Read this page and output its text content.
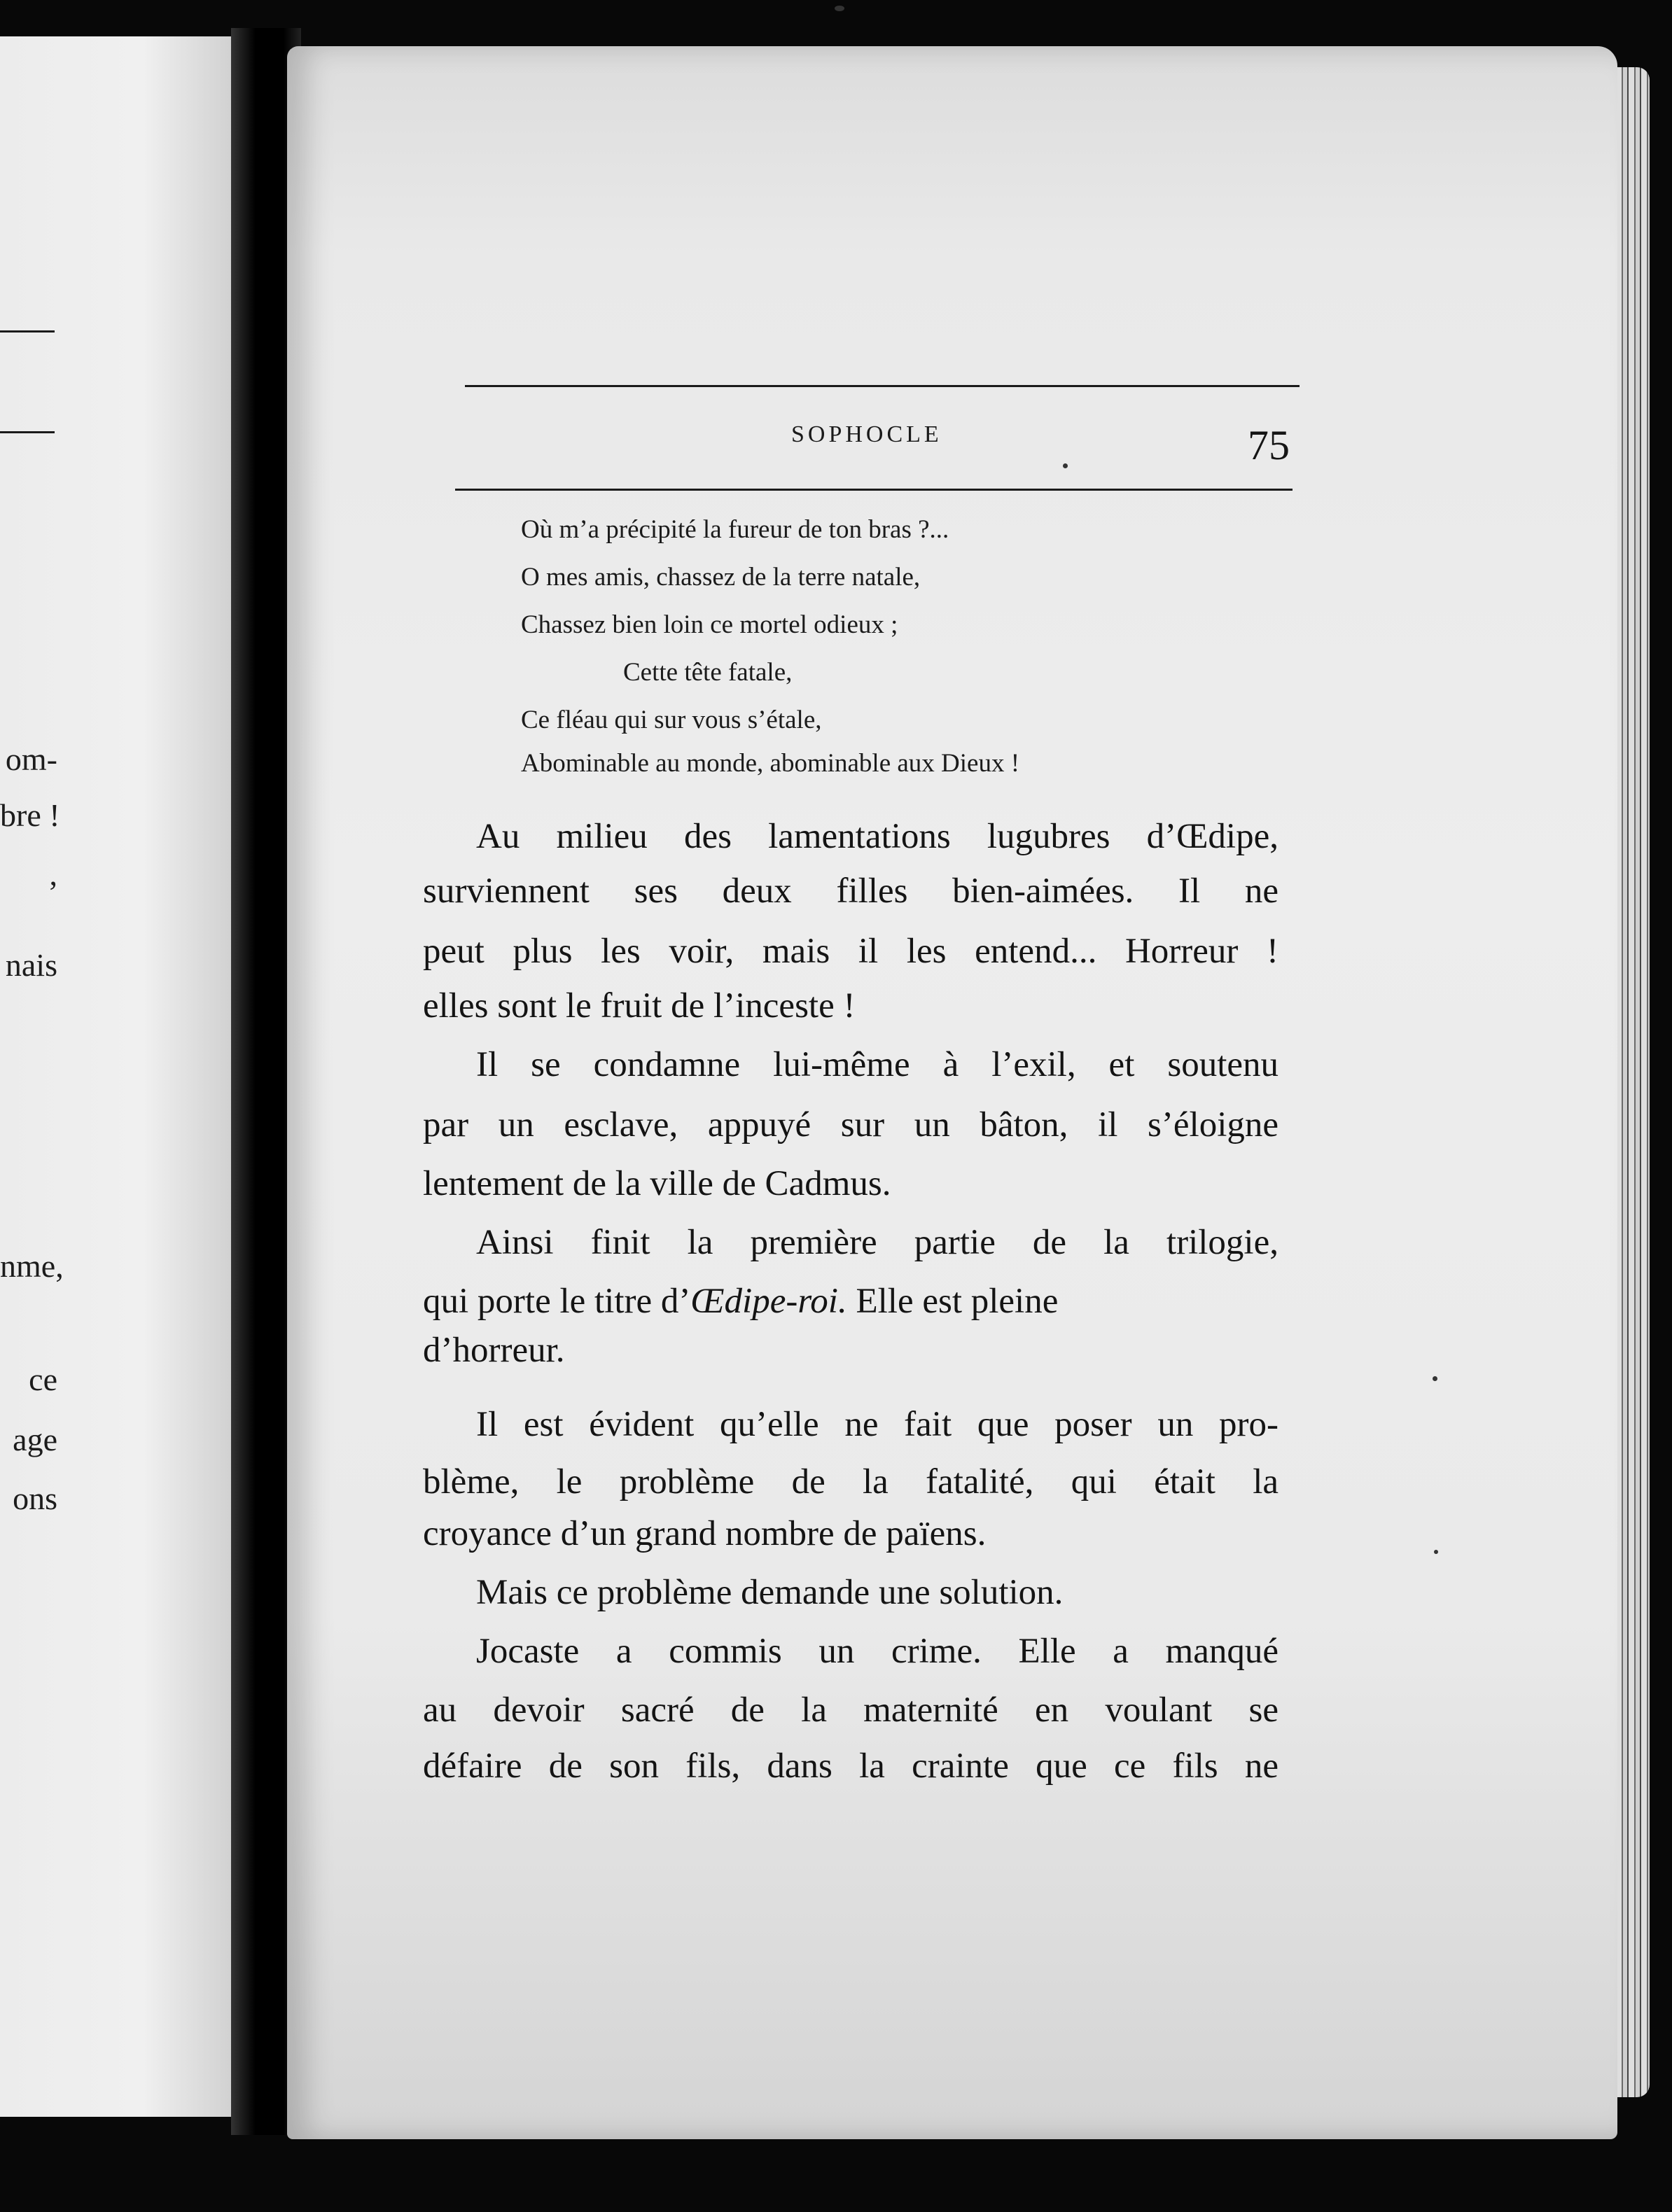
om-
bre !
,
nais
nme,
ce
age
ons
SOPHOCLE	75
Où m’a précipité la fureur de ton bras ?...
O mes amis, chassez de la terre natale,
Chassez bien loin ce mortel odieux ;
Cette tête fatale,
Ce fléau qui sur vous s’étale,
Abominable au monde, abominable aux Dieux !
Au milieu des lamentations lugubres d’Œdipe,
surviennent ses deux filles bien-aimées. Il ne
peut plus les voir, mais il les entend... Horreur !
elles sont le fruit de l’inceste !
Il se condamne lui-même à l’exil, et soutenu
par un esclave, appuyé sur un bâton, il s’éloigne
lentement de la ville de Cadmus.
Ainsi finit la première partie de la trilogie,
qui porte le titre d’Œdipe-roi. Elle est pleine
d’horreur.
Il est évident qu’elle ne fait que poser un pro-
blème, le problème de la fatalité, qui était la
croyance d’un grand nombre de païens.
Mais ce problème demande une solution.
Jocaste a commis un crime. Elle a manqué
au devoir sacré de la maternité en voulant se
défaire de son fils, dans la crainte que ce fils ne
